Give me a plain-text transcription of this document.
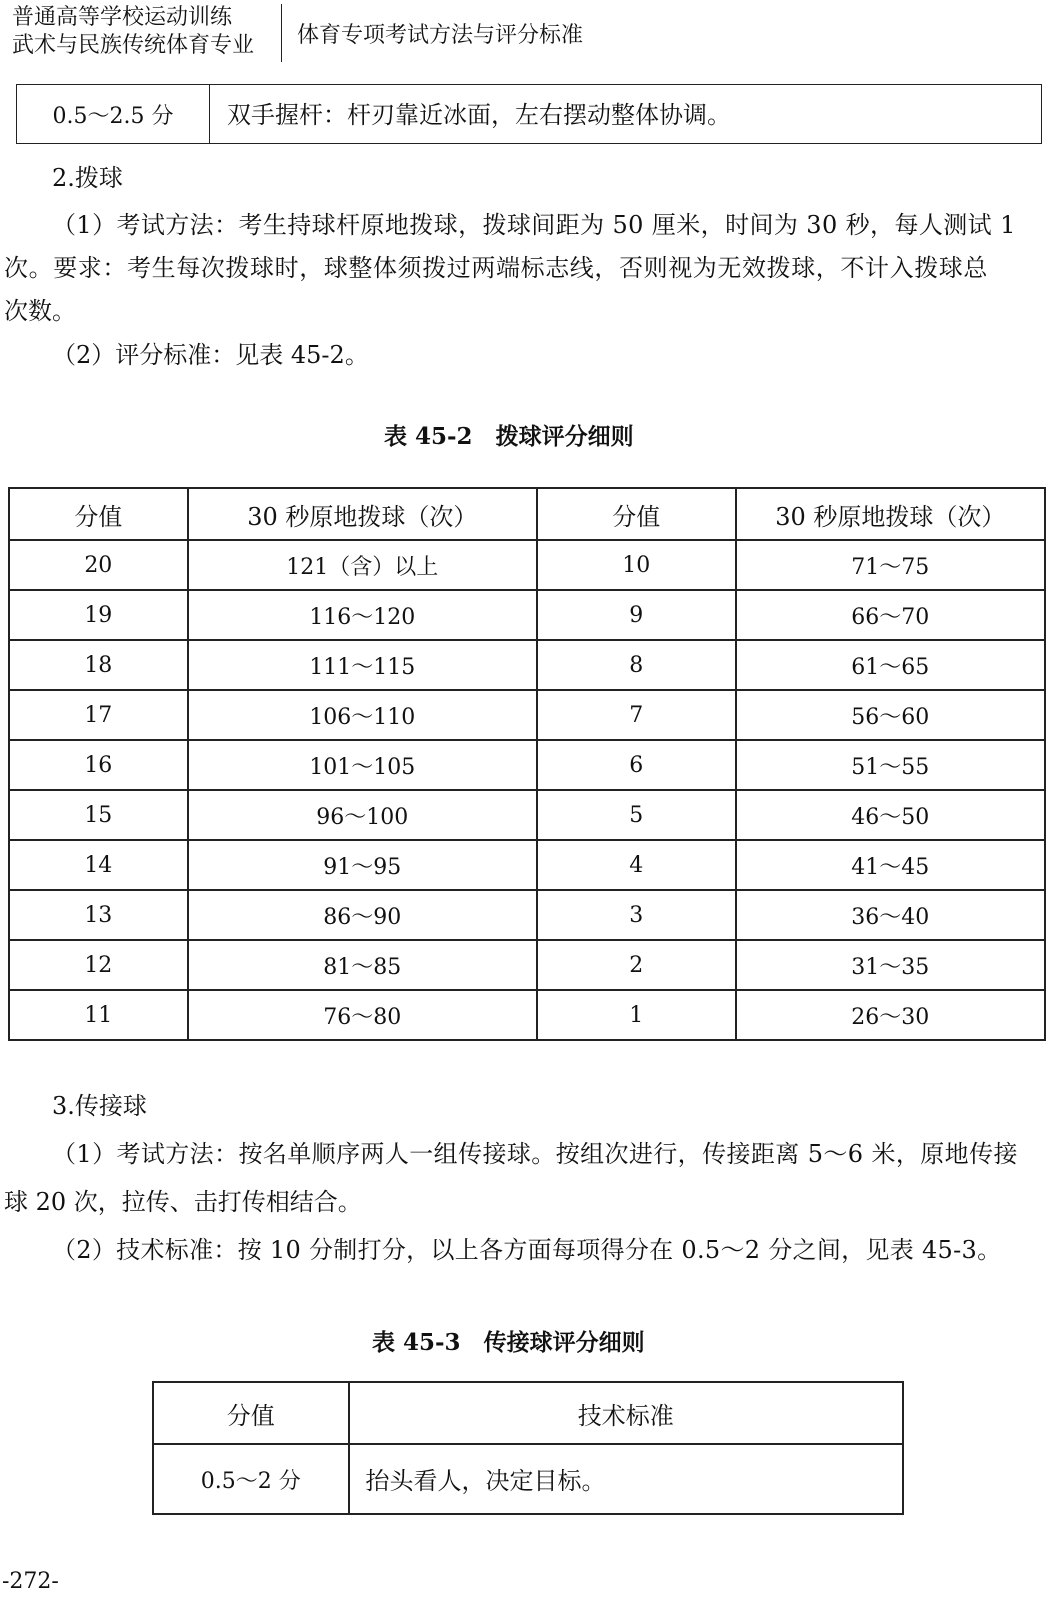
普通高等学校运动训练
武术与民族传统体育专业 体育专项考试方法与评分标准
0.5～2.5 分	双手握杆：杆刃靠近冰面，左右摆动整体协调。
2.拨球
（1）考试方法：考生持球杆原地拨球，拨球间距为 50 厘米，时间为 30 秒，每人测试 1
次。要求：考生每次拨球时，球整体须拨过两端标志线，否则视为无效拨球，不计入拨球总
次数。
（2）评分标准：见表 45-2。
表 45-2　拨球评分细则
分值	30 秒原地拨球（次）	分值	30 秒原地拨球（次）
20	121（含）以上	10	71～75
19	116～120	9	66～70
18	111～115	8	61～65
17	106～110	7	56～60
16	101～105	6	51～55
15	96～100	5	46～50
14	91～95	4	41～45
13	86～90	3	36～40
12	81～85	2	31～35
11	76～80	1	26～30
3.传接球
（1）考试方法：按名单顺序两人一组传接球。按组次进行，传接距离 5～6 米，原地传接
球 20 次，拉传、击打传相结合。
（2）技术标准：按 10 分制打分，以上各方面每项得分在 0.5～2 分之间，见表 45-3。
表 45-3　传接球评分细则
分值	技术标准
0.5～2 分	抬头看人，决定目标。
-272-
